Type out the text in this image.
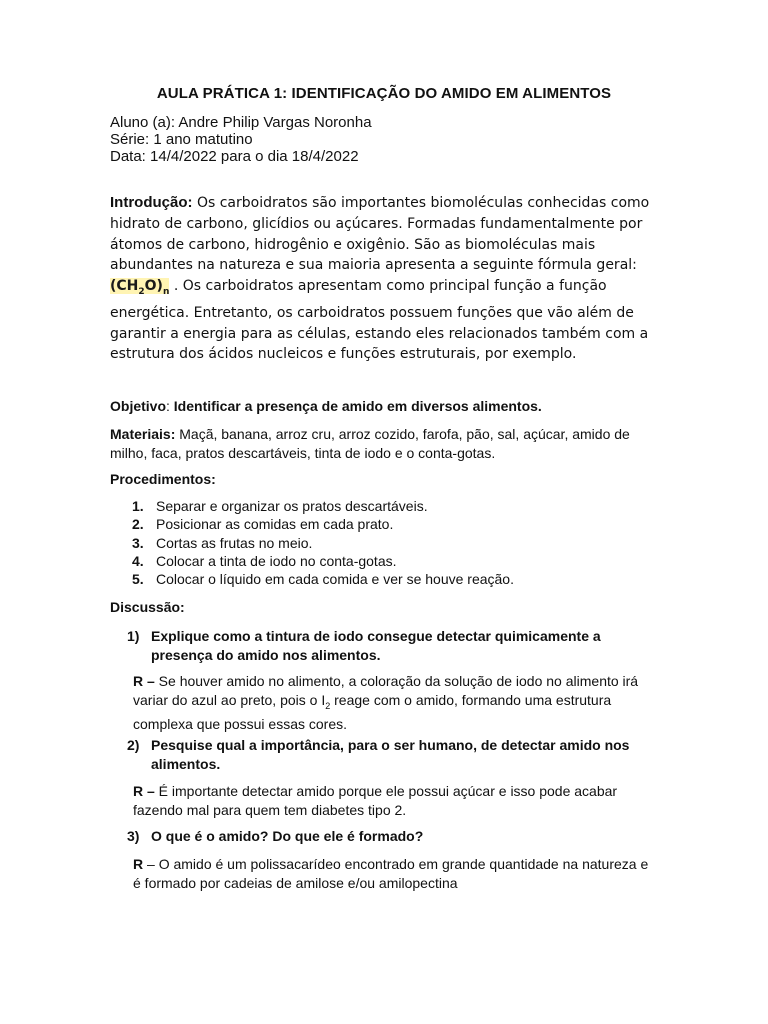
AULA PRÁTICA 1: IDENTIFICAÇÃO DO AMIDO EM ALIMENTOS
Aluno (a): Andre Philip Vargas Noronha
Série: 1 ano matutino
Data: 14/4/2022 para o dia 18/4/2022
Introdução: Os carboidratos são importantes biomoléculas conhecidas como hidrato de carbono, glicídios ou açúcares. Formadas fundamentalmente por átomos de carbono, hidrogênio e oxigênio. São as biomoléculas mais abundantes na natureza e sua maioria apresenta a seguinte fórmula geral: $(CH_2O)_n$ . Os carboidratos apresentam como principal função a função energética. Entretanto, os carboidratos possuem funções que vão além de garantir a energia para as células, estando eles relacionados também com a estrutura dos ácidos nucleicos e funções estruturais, por exemplo.
Objetivo: Identificar a presença de amido em diversos alimentos.
Materiais: Maçã, banana, arroz cru, arroz cozido, farofa, pão, sal, açúcar, amido de milho, faca, pratos descartáveis, tinta de iodo e o conta-gotas.
Procedimentos:
1. Separar e organizar os pratos descartáveis.
2. Posicionar as comidas em cada prato.
3. Cortas as frutas no meio.
4. Colocar a tinta de iodo no conta-gotas.
5. Colocar o líquido em cada comida e ver se houve reação.
Discussão:
1) Explique como a tintura de iodo consegue detectar quimicamente a presença do amido nos alimentos.
R – Se houver amido no alimento, a coloração da solução de iodo no alimento irá variar do azul ao preto, pois o $I_2$ reage com o amido, formando uma estrutura complexa que possui essas cores.
2) Pesquise qual a importância, para o ser humano, de detectar amido nos alimentos.
R – É importante detectar amido porque ele possui açúcar e isso pode acabar fazendo mal para quem tem diabetes tipo 2.
3) O que é o amido? Do que ele é formado?
R – O amido é um polissacarídeo encontrado em grande quantidade na natureza e é formado por cadeias de amilose e/ou amilopectina
